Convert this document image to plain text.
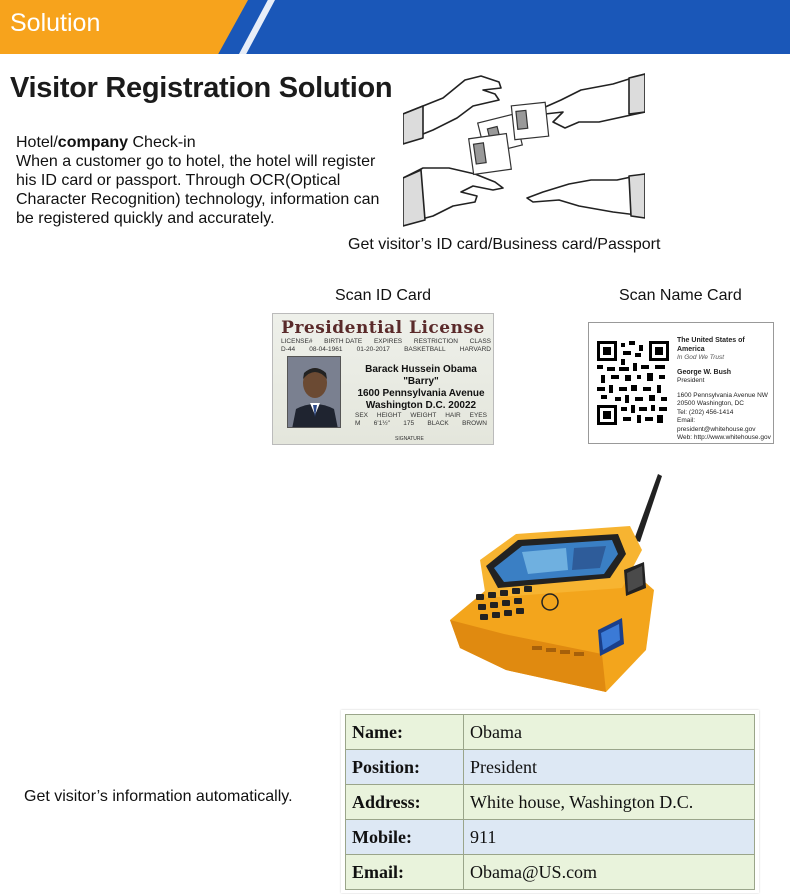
Solution
Visitor Registration Solution
Hotel/company Check-in
When a customer go to hotel, the hotel will register his ID card or passport. Through OCR(Optical Character Recognition) technology, information can be registered quickly and accurately.
Get visitor’s ID card/Business card/Passport
Scan ID Card
Presidential License
LICENSE# BIRTH DATE EXPIRES RESTRICTION CLASS
D-44 08-04-1961 01-20-2017 BASKETBALL HARVARD
Barack Hussein Obama
"Barry"
1600 Pennsylvania Avenue
Washington D.C. 20022
SEX HEIGHT WEIGHT HAIR EYES
M 6'1½" 175 BLACK BROWN
SIGNATURE
Scan Name Card
The United States of America
In God We Trust
George W. Bush
President
1600 Pennsylvania Avenue NW
20500 Washington, DC
Tel: (202) 456-1414
Email: president@whitehouse.gov
Web: http://www.whitehouse.gov
Get visitor’s information automatically.
Name:	Obama
Position:	President
Address:	White house, Washington D.C.
Mobile:	911
Email:	Obama@US.com
